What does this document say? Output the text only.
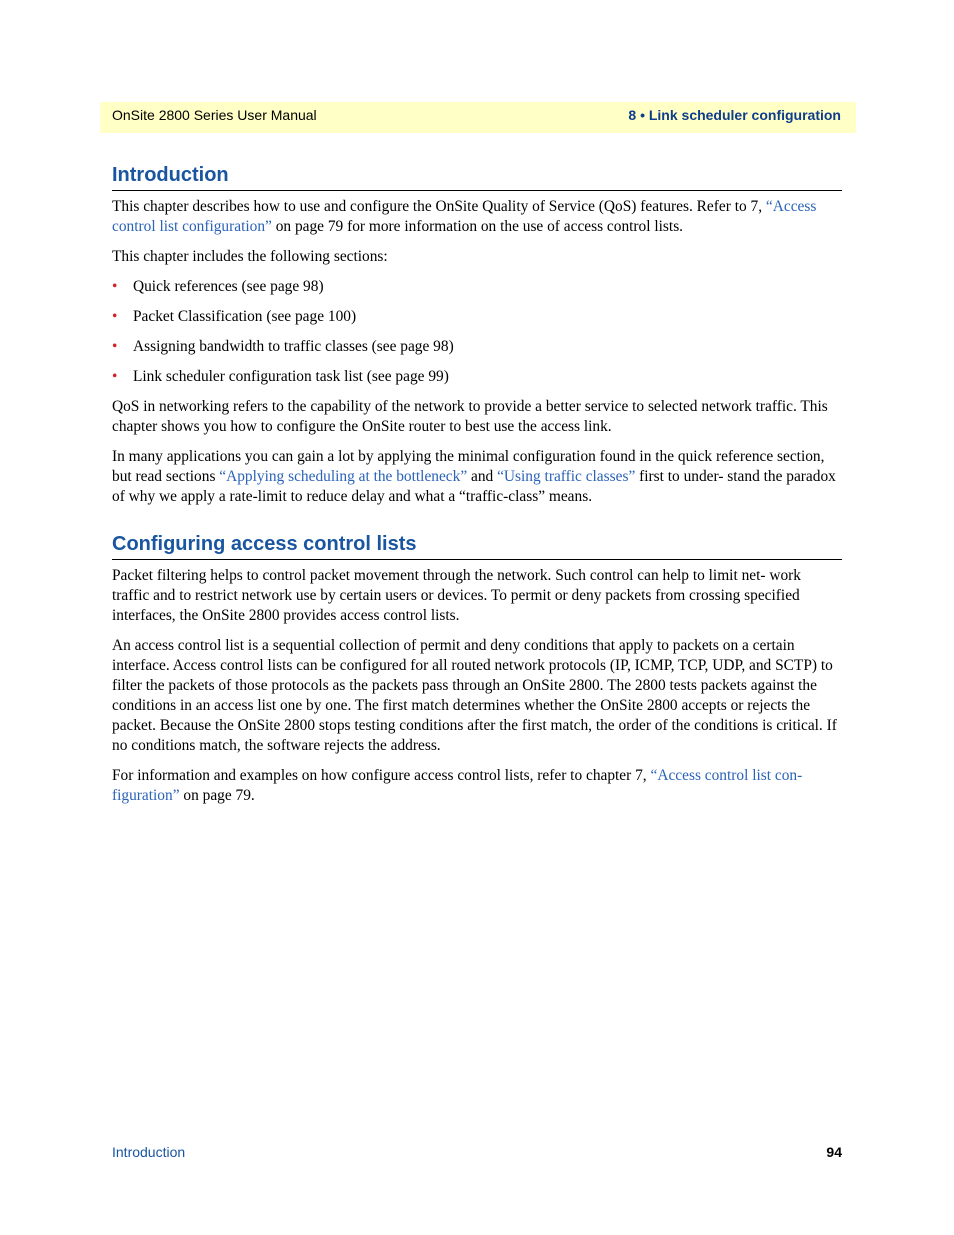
OnSite 2800 Series User Manual	8 • Link scheduler configuration
Introduction

This chapter describes how to use and configure the OnSite Quality of Service (QoS) features. Refer to 7, “Access control list configuration” on page 79 for more information on the use of access control lists.

This chapter includes the following sections:

• Quick references (see page 98)
• Packet Classification (see page 100)
• Assigning bandwidth to traffic classes (see page 98)
• Link scheduler configuration task list (see page 99)

QoS in networking refers to the capability of the network to provide a better service to selected network traffic. This chapter shows you how to configure the OnSite router to best use the access link.

In many applications you can gain a lot by applying the minimal configuration found in the quick reference section, but read sections “Applying scheduling at the bottleneck” and “Using traffic classes” first to under- stand the paradox of why we apply a rate-limit to reduce delay and what a “traffic-class” means.

Configuring access control lists

Packet filtering helps to control packet movement through the network. Such control can help to limit net- work traffic and to restrict network use by certain users or devices. To permit or deny packets from crossing specified interfaces, the OnSite 2800 provides access control lists.

An access control list is a sequential collection of permit and deny conditions that apply to packets on a certain interface. Access control lists can be configured for all routed network protocols (IP, ICMP, TCP, UDP, and SCTP) to filter the packets of those protocols as the packets pass through an OnSite 2800. The 2800 tests packets against the conditions in an access list one by one. The first match determines whether the OnSite 2800 accepts or rejects the packet. Because the OnSite 2800 stops testing conditions after the first match, the order of the conditions is critical. If no conditions match, the software rejects the address.

For information and examples on how configure access control lists, refer to chapter 7, “Access control list con- figuration” on page 79.

Introduction	94
